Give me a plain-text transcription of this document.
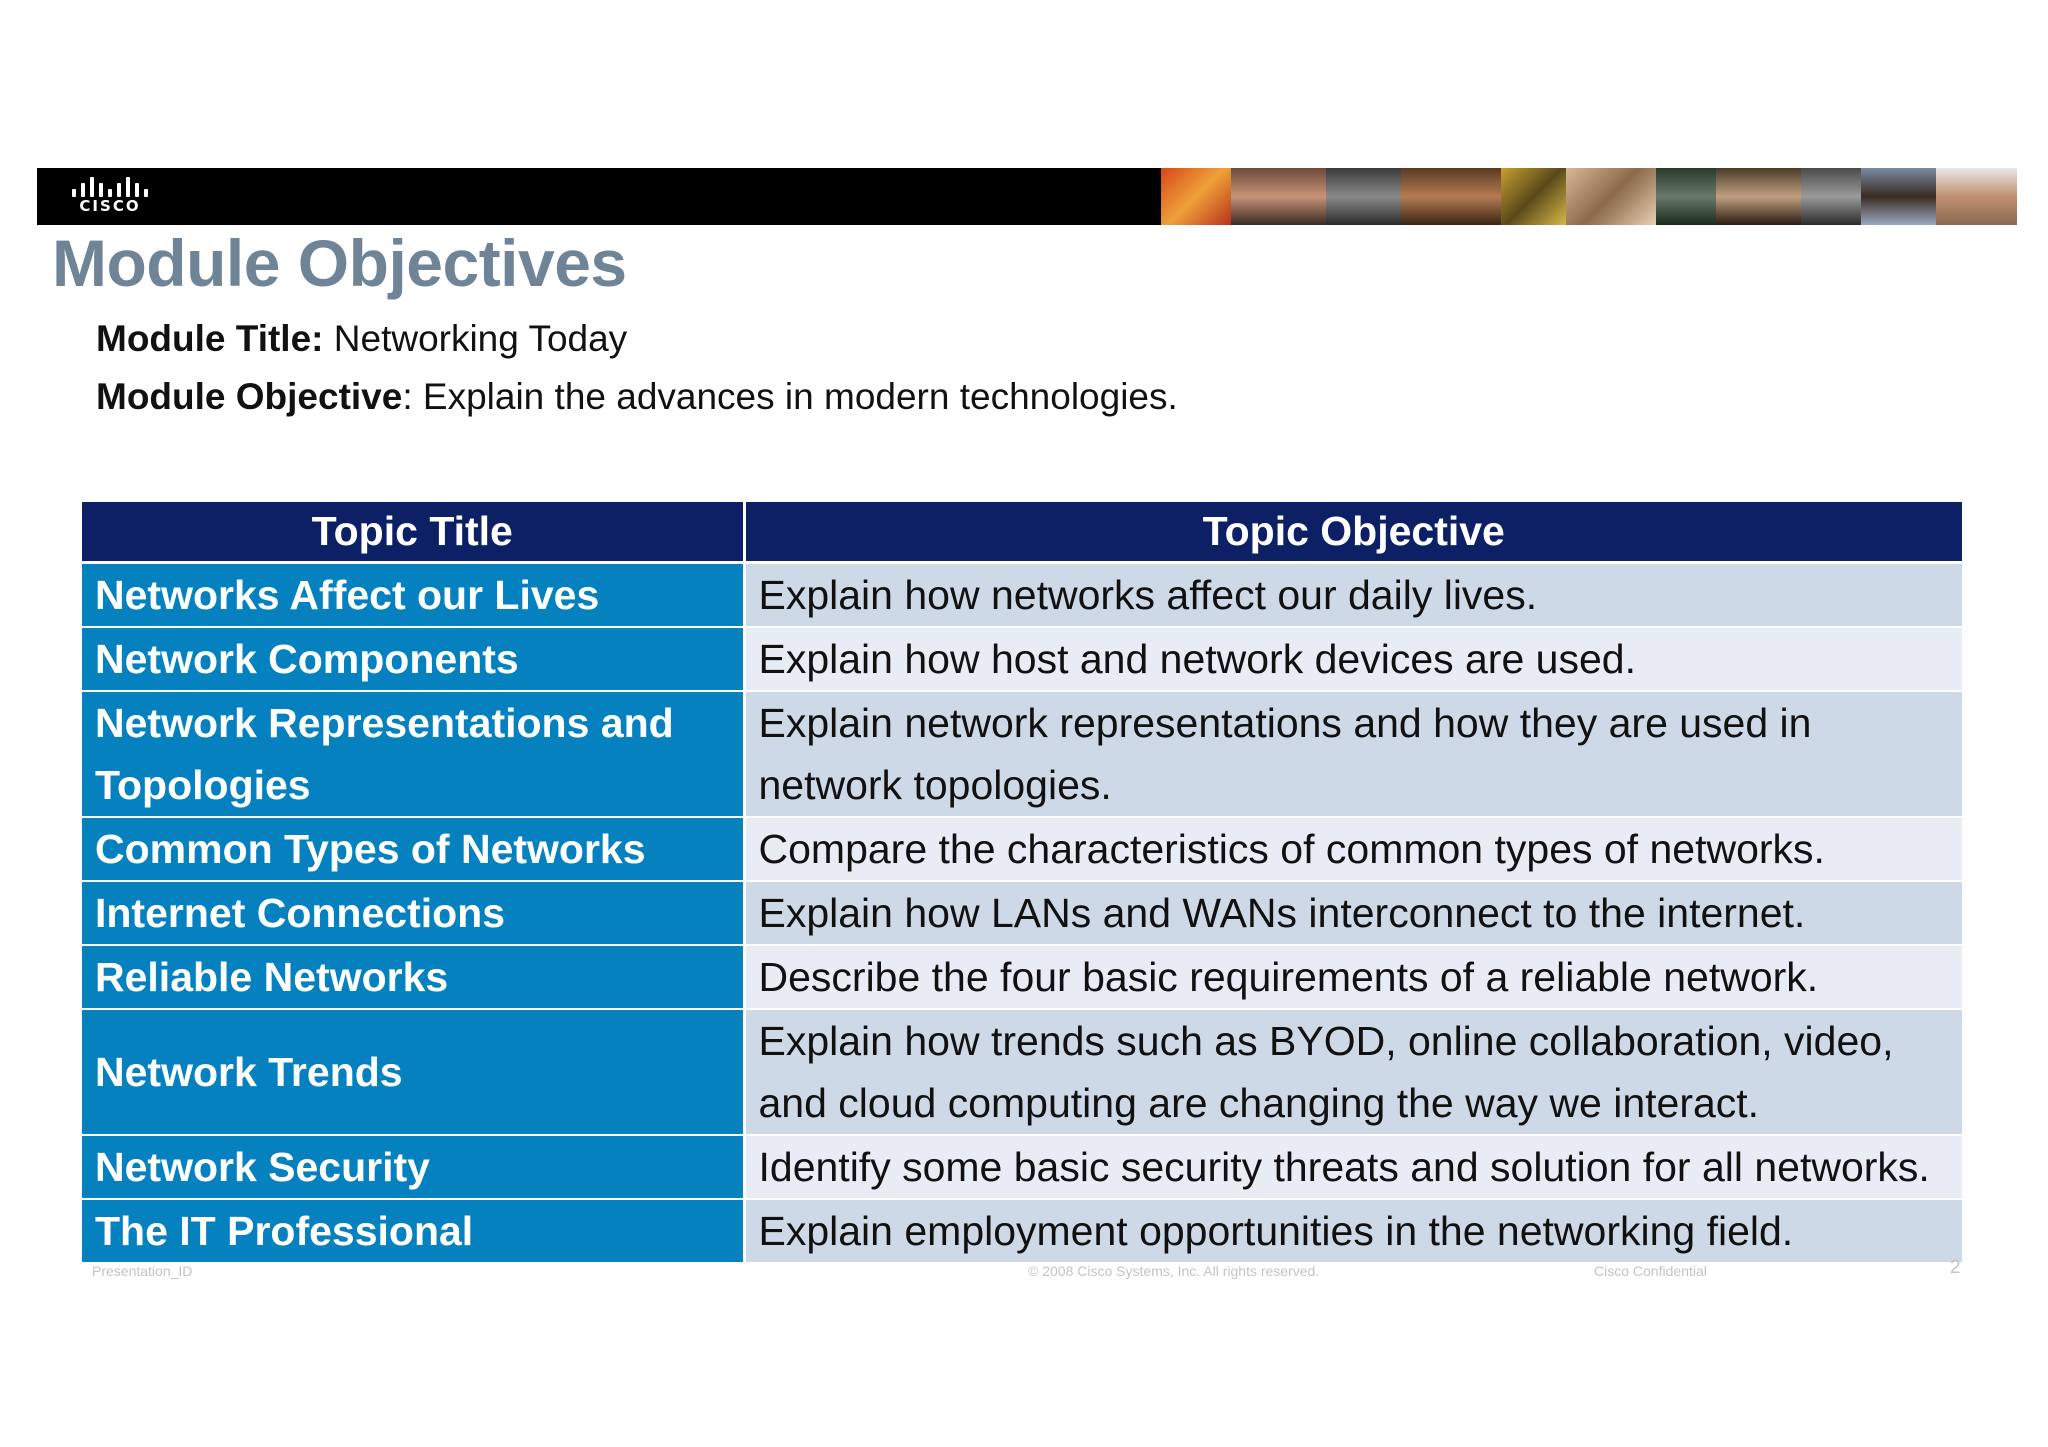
CISCO
Module Objectives
Module Title: Networking Today
Module Objective: Explain the advances in modern technologies.
Topic Title	Topic Objective
Networks Affect our Lives	Explain how networks affect our daily lives.
Network Components	Explain how host and network devices are used.
Network Representations and Topologies	Explain network representations and how they are used in network topologies.
Common Types of Networks	Compare the characteristics of common types of networks.
Internet Connections	Explain how LANs and WANs interconnect to the internet.
Reliable Networks	Describe the four basic requirements of a reliable network.
Network Trends	Explain how trends such as BYOD, online collaboration, video, and cloud computing are changing the way we interact.
Network Security	Identify some basic security threats and solution for all networks.
The IT Professional	Explain employment opportunities in the networking field.
Presentation_ID	© 2008 Cisco Systems, Inc. All rights reserved.	Cisco Confidential	2
